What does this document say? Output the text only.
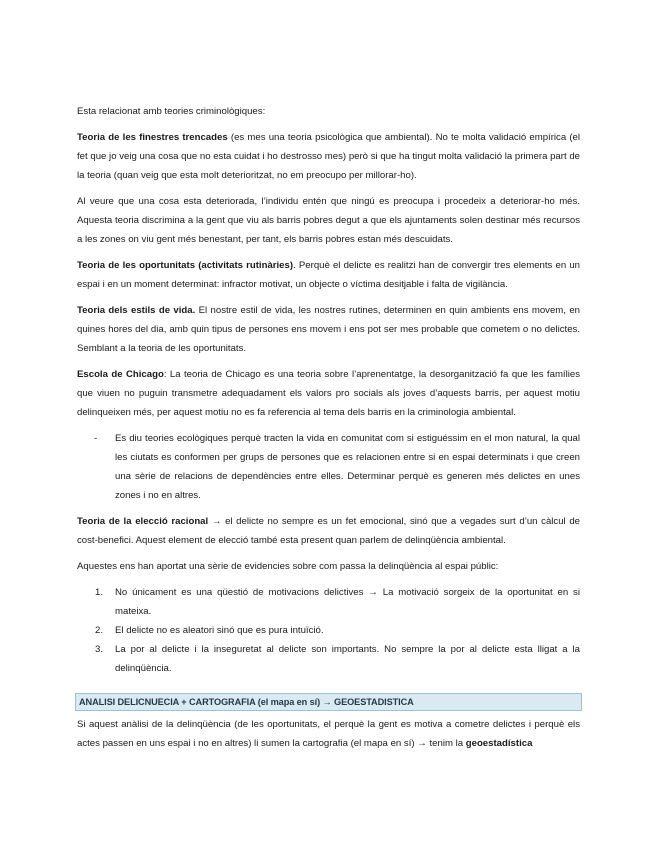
Esta relacionat amb teories criminològiques:

Teoria de les finestres trencades (es mes una teoria psicològica que ambiental). No te molta validació empírica (el fet que jo veig una cosa que no esta cuidat i ho destrosso mes) però si que ha tingut molta validació la primera part de la teoria (quan veig que esta molt deterioritzat, no em preocupo per millorar-ho).

Al veure que una cosa esta deteriorada, l’individu entén que ningú es preocupa i procedeix a deteriorar-ho més. Aquesta teoria discrimina a la gent que viu als barris pobres degut a que els ajuntaments solen destinar més recursos a les zones on viu gent més benestant, per tant, els barris pobres estan més descuidats.

Teoria de les oportunitats (activitats rutinàries). Perquè el delicte es realitzi han de convergir tres elements en un espai i en un moment determinat: infractor motivat, un objecte o víctima desitjable i falta de vigilància.

Teoria dels estils de vida. El nostre estil de vida, les nostres rutines, determinen en quin ambients ens movem, en quines hores del dia, amb quin tipus de persones ens movem i ens pot ser mes probable que cometem o no delictes. Semblant a la teoria de les oportunitats.

Escola de Chicago: La teoria de Chicago es una teoria sobre l’aprenentatge, la desorganització fa que les famílies que viuen no puguin transmetre adequadament els valors pro socials als joves d’aquests barris, per aquest motiu delinqueixen més, per aquest motiu no es fa referencia al tema dels barris en la criminologia ambiental.

- Es diu teories ecològiques perquè tracten la vida en comunitat com si estiguéssim en el mon natural, la qual les ciutats es conformen per grups de persones que es relacionen entre si en espai determinats i que creen una sèrie de relacions de dependències entre elles. Determinar perquè es generen més delictes en unes zones i no en altres.

Teoria de la elecció racional → el delicte no sempre es un fet emocional, sinó que a vegades surt d’un càlcul de cost-benefici. Aquest element de elecció també esta present quan parlem de delinqüència ambiental.

Aquestes ens han aportat una sèrie de evidencies sobre com passa la delinqüència al espai públic:

1. No únicament es una qüestió de motivacions delictives → La motivació sorgeix de la oportunitat en si mateixa.
2. El delicte no es aleatori sinó que es pura intuïció.
3. La por al delicte i la inseguretat al delicte son importants. No sempre la por al delicte esta lligat a la delinqüència.
ANALISI DELICNUECIA + CARTOGRAFIA (el mapa en sí) → GEOESTADISTICA

Si aquest anàlisi de la delinqüència (de les oportunitats, el perquè la gent es motiva a cometre delictes i perquè els actes passen en uns espai i no en altres) li sumen la cartografia (el mapa en sí) → tenim la geoestadística
